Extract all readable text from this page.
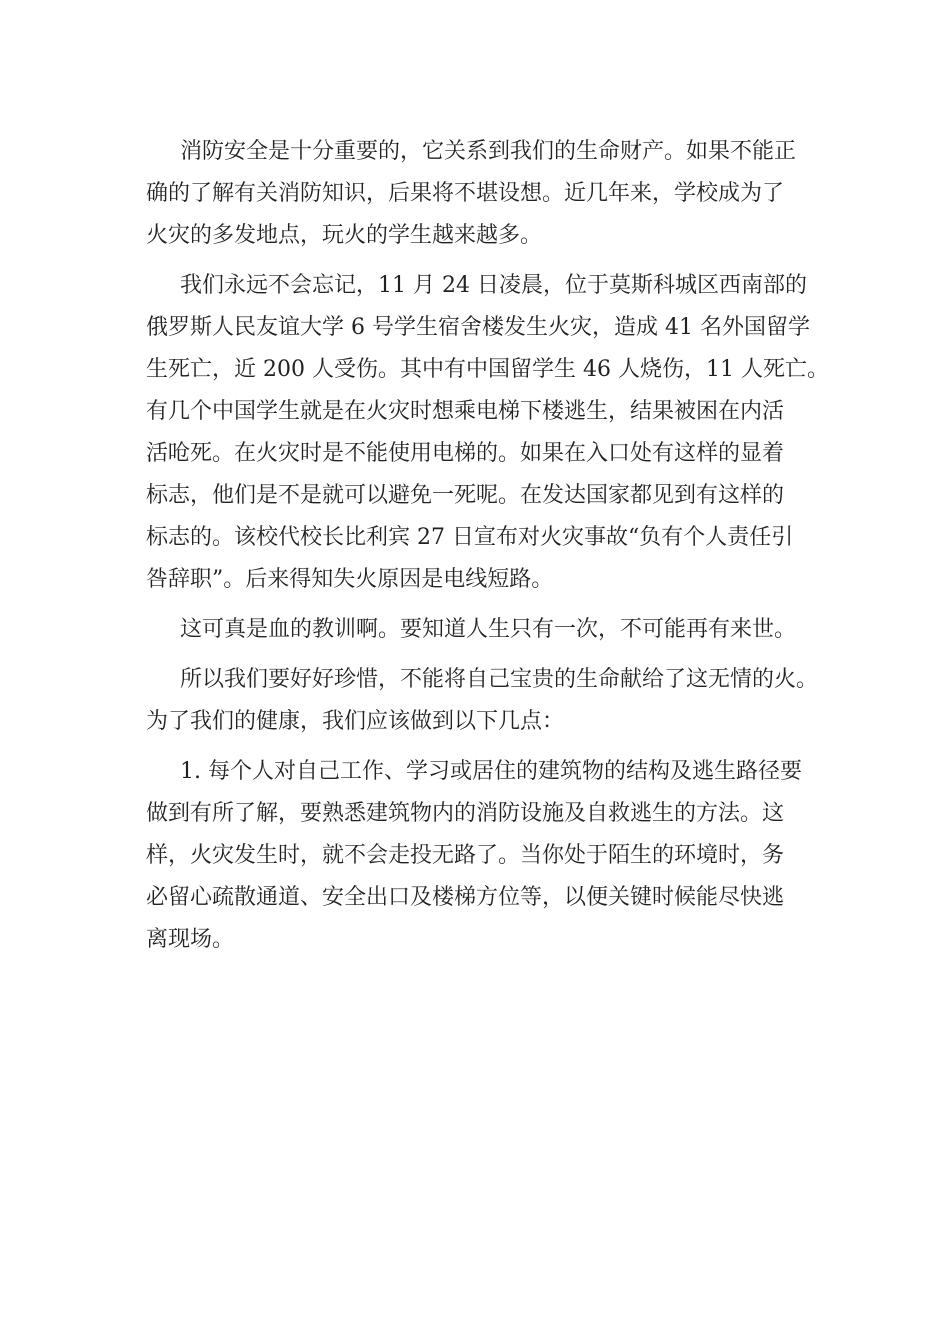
消防安全是十分重要的，它关系到我们的生命财产。如果不能正
确的了解有关消防知识，后果将不堪设想。近几年来，学校成为了
火灾的多发地点，玩火的学生越来越多。
我们永远不会忘记，11 月 24 日凌晨，位于莫斯科城区西南部的
俄罗斯人民友谊大学 6 号学生宿舍楼发生火灾，造成 41 名外国留学
生死亡，近 200 人受伤。其中有中国留学生 46 人烧伤，11 人死亡。
有几个中国学生就是在火灾时想乘电梯下楼逃生，结果被困在内活
活呛死。在火灾时是不能使用电梯的。如果在入口处有这样的显着
标志，他们是不是就可以避免一死呢。在发达国家都见到有这样的
标志的。该校代校长比利宾 27 日宣布对火灾事故“负有个人责任引
咎辞职”。后来得知失火原因是电线短路。
这可真是血的教训啊。要知道人生只有一次，不可能再有来世。
所以我们要好好珍惜，不能将自己宝贵的生命献给了这无情的火。
为了我们的健康，我们应该做到以下几点：
1. 每个人对自己工作、学习或居住的建筑物的结构及逃生路径要
做到有所了解，要熟悉建筑物内的消防设施及自救逃生的方法。这
样，火灾发生时，就不会走投无路了。当你处于陌生的环境时，务
必留心疏散通道、安全出口及楼梯方位等，以便关键时候能尽快逃
离现场。
